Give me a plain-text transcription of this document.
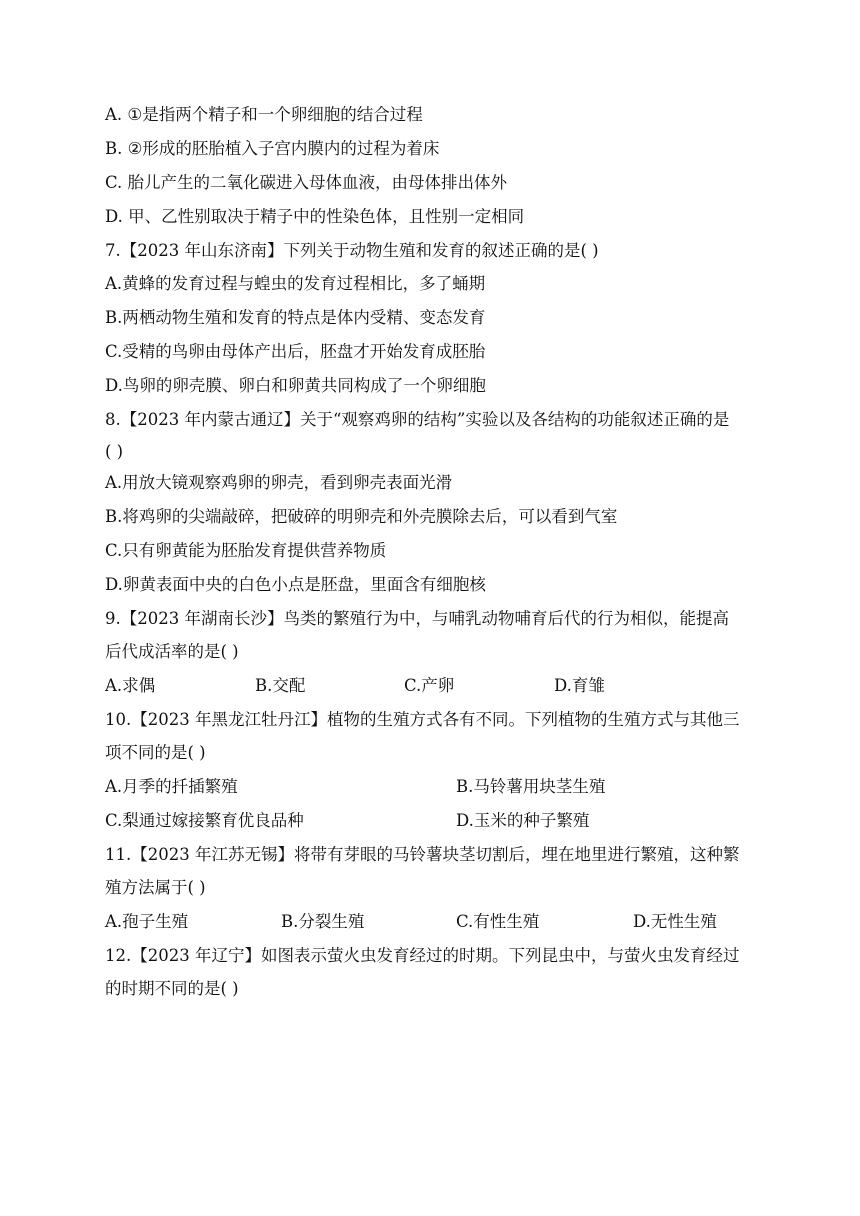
A. ①是指两个精子和一个卵细胞的结合过程
B. ②形成的胚胎植入子宫内膜内的过程为着床
C. 胎儿产生的二氧化碳进入母体血液，由母体排出体外
D. 甲、乙性别取决于精子中的性染色体，且性别一定相同
7.【2023 年山东济南】下列关于动物生殖和发育的叙述正确的是( )
A.黄蜂的发育过程与蝗虫的发育过程相比，多了蛹期
B.两栖动物生殖和发育的特点是体内受精、变态发育
C.受精的鸟卵由母体产出后，胚盘才开始发育成胚胎
D.鸟卵的卵壳膜、卵白和卵黄共同构成了一个卵细胞
8.【2023 年内蒙古通辽】关于“观察鸡卵的结构”实验以及各结构的功能叙述正确的是
( )
A.用放大镜观察鸡卵的卵壳，看到卵壳表面光滑
B.将鸡卵的尖端敲碎，把破碎的明卵壳和外壳膜除去后，可以看到气室
C.只有卵黄能为胚胎发育提供营养物质
D.卵黄表面中央的白色小点是胚盘，里面含有细胞核
9.【2023 年湖南长沙】鸟类的繁殖行为中，与哺乳动物哺育后代的行为相似，能提高
后代成活率的是( )
A.求偶	B.交配	C.产卵	D.育雏
10.【2023 年黑龙江牡丹江】植物的生殖方式各有不同。下列植物的生殖方式与其他三
项不同的是( )
A.月季的扦插繁殖	B.马铃薯用块茎生殖
C.梨通过嫁接繁育优良品种	D.玉米的种子繁殖
11.【2023 年江苏无锡】将带有芽眼的马铃薯块茎切割后，埋在地里进行繁殖，这种繁
殖方法属于( )
A.孢子生殖	B.分裂生殖	C.有性生殖	D.无性生殖
12.【2023 年辽宁】如图表示萤火虫发育经过的时期。下列昆虫中，与萤火虫发育经过
的时期不同的是( )
